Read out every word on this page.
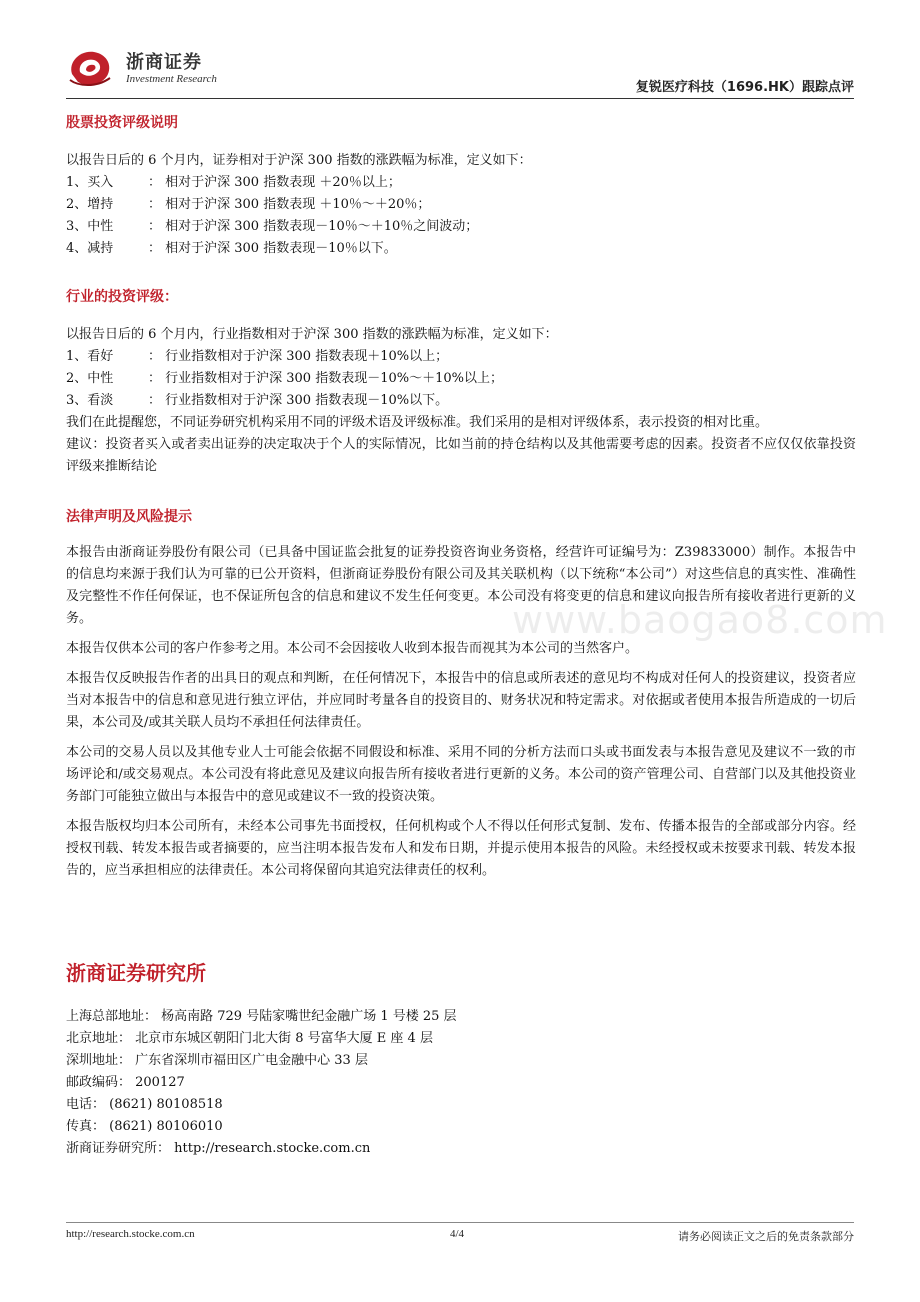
浙商证券
Investment Research
复锐医疗科技（1696.HK）跟踪点评
www.baogao8.com
股票投资评级说明

以报告日后的 6 个月内，证券相对于沪深 300 指数的涨跌幅为标准，定义如下：

1、买入	： 相对于沪深 300 指数表现 ＋20％以上；

2、增持	： 相对于沪深 300 指数表现 ＋10％～＋20％；

3、中性	： 相对于沪深 300 指数表现－10％～＋10％之间波动；

4、减持	： 相对于沪深 300 指数表现－10％以下。

行业的投资评级：

以报告日后的 6 个月内，行业指数相对于沪深 300 指数的涨跌幅为标准，定义如下：

1、看好	： 行业指数相对于沪深 300 指数表现＋10%以上；

2、中性	： 行业指数相对于沪深 300 指数表现－10%～＋10%以上；

3、看淡	： 行业指数相对于沪深 300 指数表现－10%以下。

我们在此提醒您，不同证券研究机构采用不同的评级术语及评级标准。我们采用的是相对评级体系，表示投资的相对比重。

建议：投资者买入或者卖出证券的决定取决于个人的实际情况，比如当前的持仓结构以及其他需要考虑的因素。投资者不应仅仅依靠投资评级来推断结论

法律声明及风险提示

本报告由浙商证券股份有限公司（已具备中国证监会批复的证券投资咨询业务资格，经营许可证编号为：Z39833000）制作。本报告中的信息均来源于我们认为可靠的已公开资料，但浙商证券股份有限公司及其关联机构（以下统称“本公司”）对这些信息的真实性、准确性及完整性不作任何保证，也不保证所包含的信息和建议不发生任何变更。本公司没有将变更的信息和建议向报告所有接收者进行更新的义务。

本报告仅供本公司的客户作参考之用。本公司不会因接收人收到本报告而视其为本公司的当然客户。

本报告仅反映报告作者的出具日的观点和判断，在任何情况下，本报告中的信息或所表述的意见均不构成对任何人的投资建议，投资者应当对本报告中的信息和意见进行独立评估，并应同时考量各自的投资目的、财务状况和特定需求。对依据或者使用本报告所造成的一切后果，本公司及/或其关联人员均不承担任何法律责任。

本公司的交易人员以及其他专业人士可能会依据不同假设和标准、采用不同的分析方法而口头或书面发表与本报告意见及建议不一致的市场评论和/或交易观点。本公司没有将此意见及建议向报告所有接收者进行更新的义务。本公司的资产管理公司、自营部门以及其他投资业务部门可能独立做出与本报告中的意见或建议不一致的投资决策。

本报告版权均归本公司所有，未经本公司事先书面授权，任何机构或个人不得以任何形式复制、发布、传播本报告的全部或部分内容。经授权刊载、转发本报告或者摘要的，应当注明本报告发布人和发布日期，并提示使用本报告的风险。未经授权或未按要求刊载、转发本报告的，应当承担相应的法律责任。本公司将保留向其追究法律责任的权利。

浙商证券研究所

上海总部地址： 杨高南路 729 号陆家嘴世纪金融广场 1 号楼 25 层

北京地址： 北京市东城区朝阳门北大街 8 号富华大厦 E 座 4 层

深圳地址： 广东省深圳市福田区广电金融中心 33 层

邮政编码： 200127

电话： (8621) 80108518

传真： (8621) 80106010

浙商证券研究所： http://research.stocke.com.cn

http://research.stocke.com.cn	4/4	请务必阅读正文之后的免责条款部分
